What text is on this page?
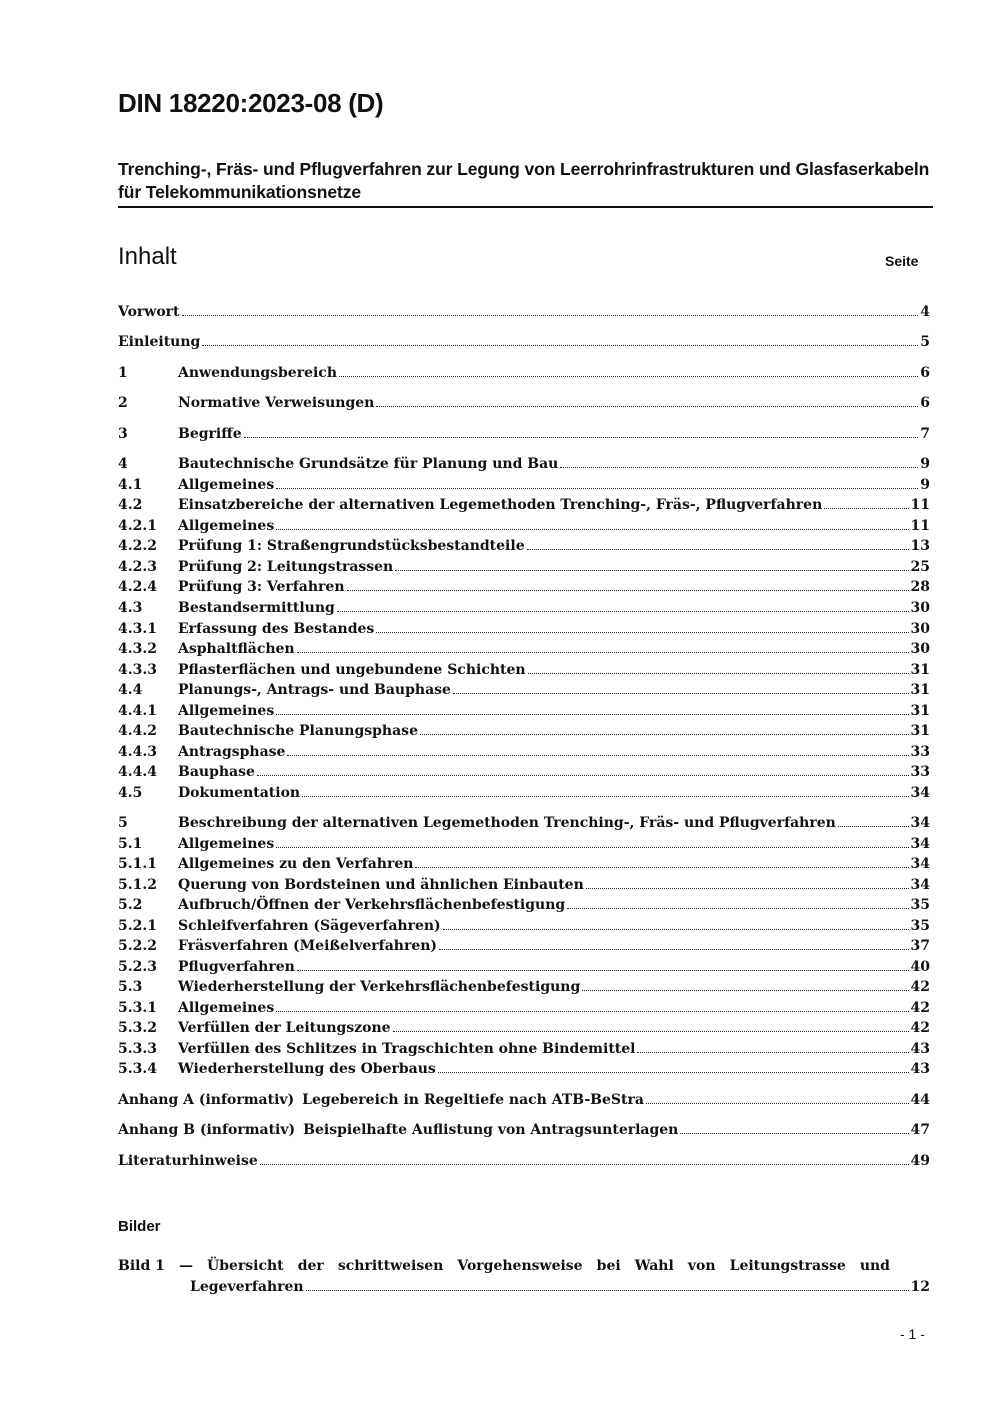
DIN 18220:2023-08 (D)
Trenching-, Fräs- und Pflugverfahren zur Legung von Leerrohrinfrastrukturen und Glasfaserkabeln für Telekommunikationsnetze
Inhalt	Seite
Vorwort	4
Einleitung	5
1	Anwendungsbereich	6
2	Normative Verweisungen	6
3	Begriffe	7
4	Bautechnische Grundsätze für Planung und Bau	9
4.1	Allgemeines	9
4.2	Einsatzbereiche der alternativen Legemethoden Trenching-, Fräs-, Pflugverfahren	11
4.2.1	Allgemeines	11
4.2.2	Prüfung 1: Straßengrundstücksbestandteile	13
4.2.3	Prüfung 2: Leitungstrassen	25
4.2.4	Prüfung 3: Verfahren	28
4.3	Bestandsermittlung	30
4.3.1	Erfassung des Bestandes	30
4.3.2	Asphaltflächen	30
4.3.3	Pflasterflächen und ungebundene Schichten	31
4.4	Planungs-, Antrags- und Bauphase	31
4.4.1	Allgemeines	31
4.4.2	Bautechnische Planungsphase	31
4.4.3	Antragsphase	33
4.4.4	Bauphase	33
4.5	Dokumentation	34
5	Beschreibung der alternativen Legemethoden Trenching-, Fräs- und Pflugverfahren	34
5.1	Allgemeines	34
5.1.1	Allgemeines zu den Verfahren	34
5.1.2	Querung von Bordsteinen und ähnlichen Einbauten	34
5.2	Aufbruch/Öffnen der Verkehrsflächenbefestigung	35
5.2.1	Schleifverfahren (Sägeverfahren)	35
5.2.2	Fräsverfahren (Meißelverfahren)	37
5.2.3	Pflugverfahren	40
5.3	Wiederherstellung der Verkehrsflächenbefestigung	42
5.3.1	Allgemeines	42
5.3.2	Verfüllen der Leitungszone	42
5.3.3	Verfüllen des Schlitzes in Tragschichten ohne Bindemittel	43
5.3.4	Wiederherstellung des Oberbaus	43
Anhang A (informativ) Legebereich in Regeltiefe nach ATB-BeStra	44
Anhang B (informativ) Beispielhafte Auflistung von Antragsunterlagen	47
Literaturhinweise	49
Bilder
Bild 1 — Übersicht der schrittweisen Vorgehensweise bei Wahl von Leitungstrasse und
Legeverfahren	12
- 1 -
